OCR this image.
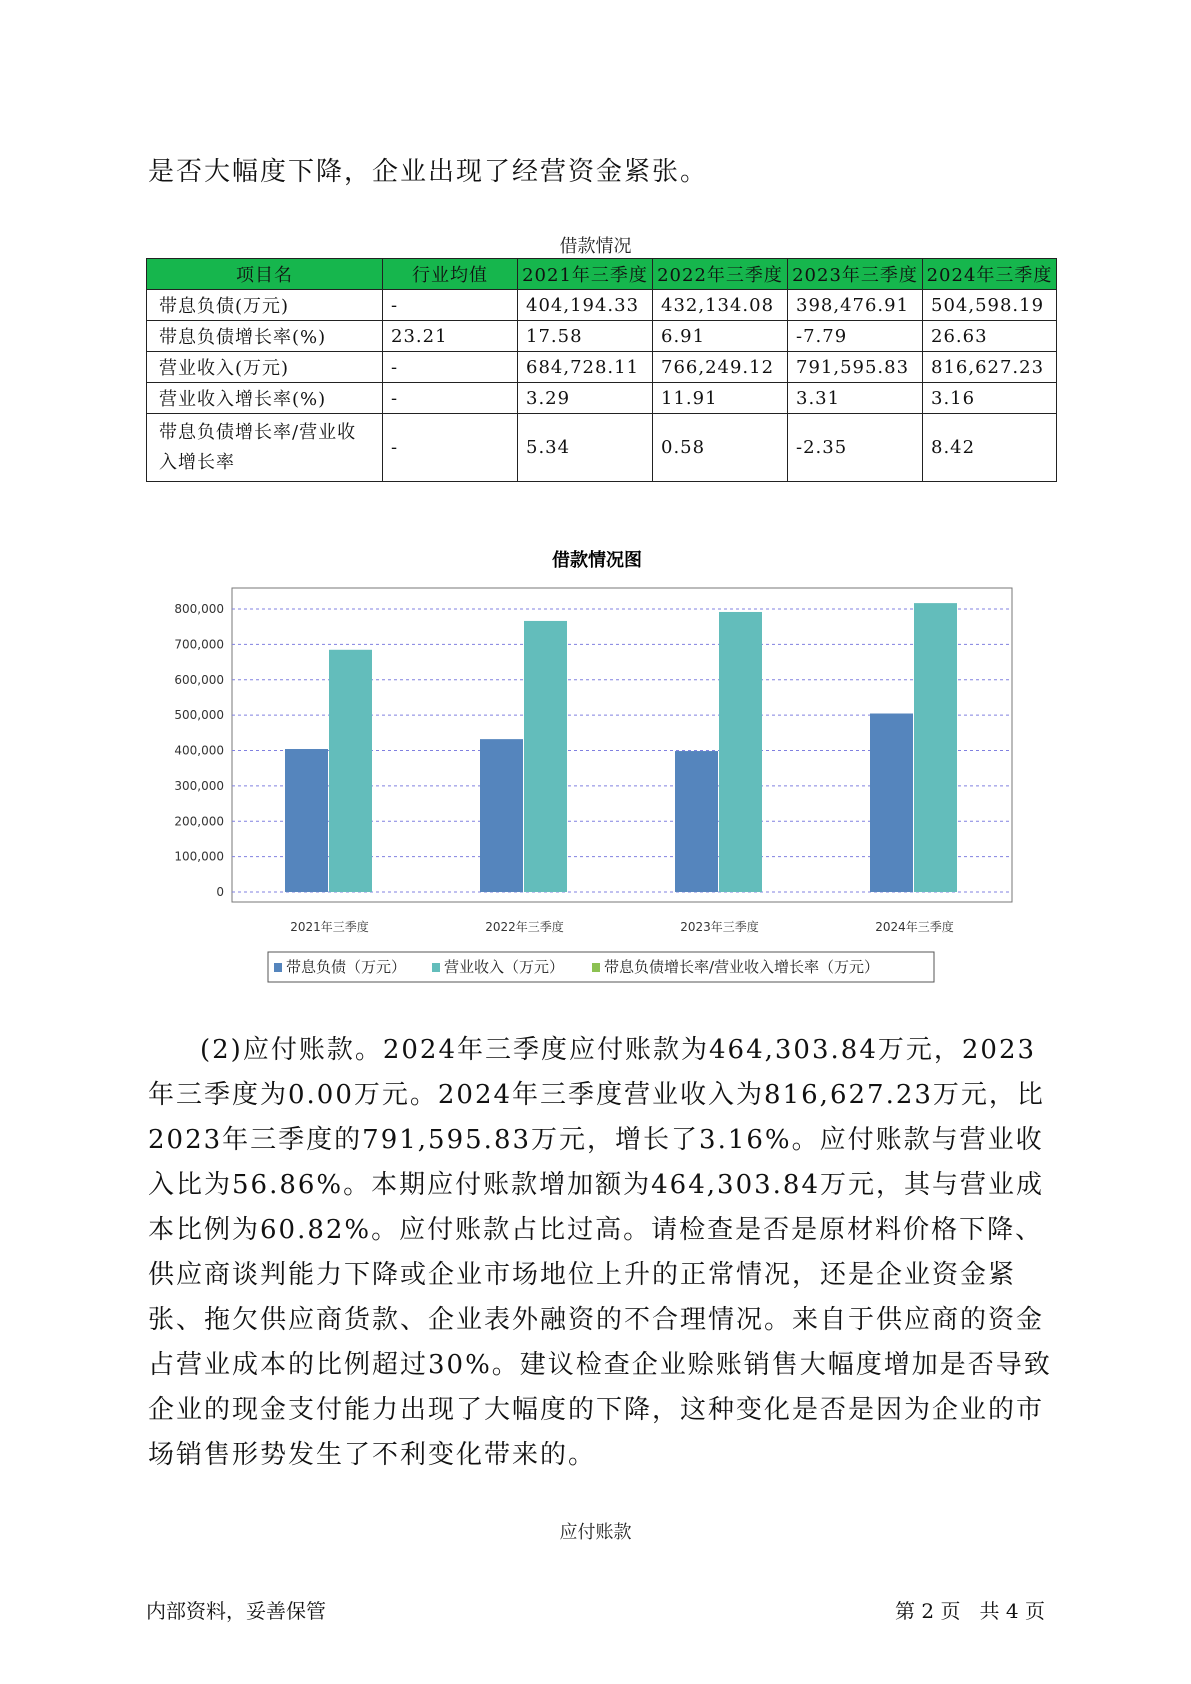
是否大幅度下降，企业出现了经营资金紧张。
借款情况
项目名	行业均值	2021年三季度	2022年三季度	2023年三季度	2024年三季度
带息负债(万元)	-	404,194.33	432,134.08	398,476.91	504,598.19
带息负债增长率(%)	23.21	17.58	6.91	-7.79	26.63
营业收入(万元)	-	684,728.11	766,249.12	791,595.83	816,627.23
营业收入增长率(%)	-	3.29	11.91	3.31	3.16
带息负债增长率/营业收入增长率	-	5.34	0.58	-2.35	8.42
借款情况图
0
100,000
200,000
300,000
400,000
500,000
600,000
700,000
800,000
2021年三季度	2022年三季度	2023年三季度	2024年三季度
带息负债（万元）	营业收入（万元）	带息负债增长率/营业收入增长率（万元）
(2)应付账款。2024年三季度应付账款为464,303.84万元，2023年三季度为0.00万元。2024年三季度营业收入为816,627.23万元，比2023年三季度的791,595.83万元，增长了3.16%。应付账款与营业收入比为56.86%。本期应付账款增加额为464,303.84万元，其与营业成本比例为60.82%。应付账款占比过高。请检查是否是原材料价格下降、供应商谈判能力下降或企业市场地位上升的正常情况，还是企业资金紧张、拖欠供应商货款、企业表外融资的不合理情况。来自于供应商的资金占营业成本的比例超过30%。建议检查企业赊账销售大幅度增加是否导致企业的现金支付能力出现了大幅度的下降，这种变化是否是因为企业的市场销售形势发生了不利变化带来的。
应付账款
内部资料，妥善保管	第 2 页   共 4 页
